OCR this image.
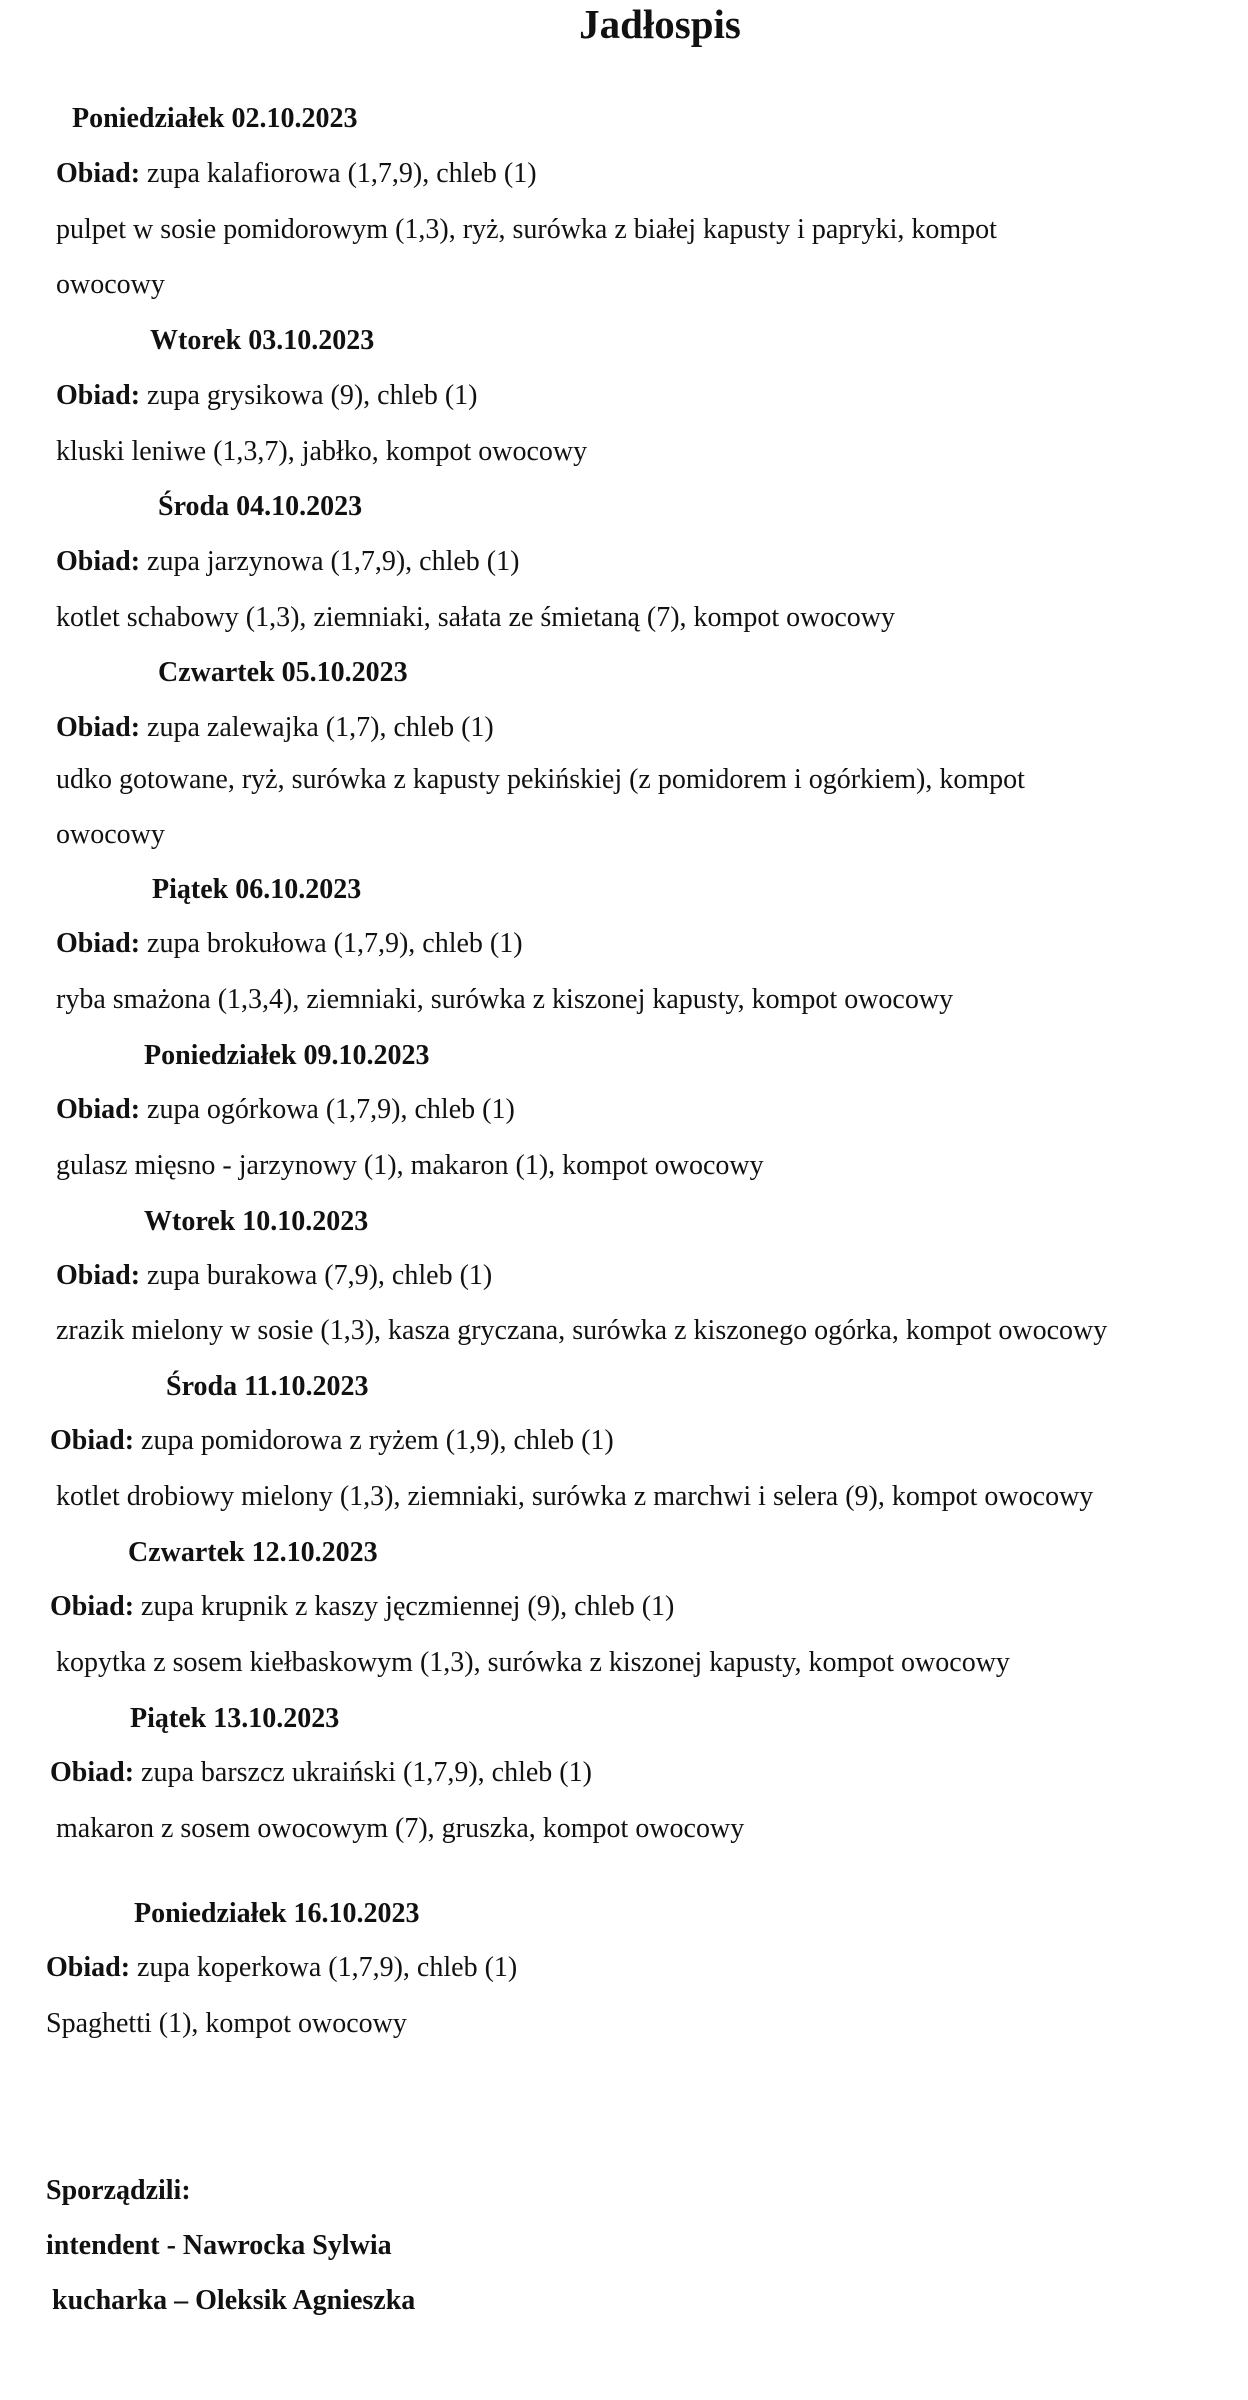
Jadłospis
Poniedziałek 02.10.2023
Obiad: zupa kalafiorowa (1,7,9), chleb (1)
pulpet w sosie pomidorowym (1,3), ryż, surówka z białej kapusty i papryki, kompot
owocowy
Wtorek 03.10.2023
Obiad: zupa grysikowa (9), chleb (1)
kluski leniwe (1,3,7), jabłko, kompot owocowy
Środa 04.10.2023
Obiad: zupa jarzynowa (1,7,9), chleb (1)
kotlet schabowy (1,3), ziemniaki, sałata ze śmietaną (7), kompot owocowy
Czwartek 05.10.2023
Obiad: zupa zalewajka (1,7), chleb (1)
udko gotowane, ryż, surówka z kapusty pekińskiej (z pomidorem i ogórkiem), kompot
owocowy
Piątek 06.10.2023
Obiad: zupa brokułowa (1,7,9), chleb (1)
ryba smażona (1,3,4), ziemniaki, surówka z kiszonej kapusty, kompot owocowy
Poniedziałek 09.10.2023
Obiad: zupa ogórkowa (1,7,9), chleb (1)
gulasz mięsno - jarzynowy (1), makaron (1), kompot owocowy
Wtorek 10.10.2023
Obiad: zupa burakowa (7,9), chleb (1)
zrazik mielony w sosie (1,3), kasza gryczana, surówka z kiszonego ogórka, kompot owocowy
Środa 11.10.2023
Obiad: zupa pomidorowa z ryżem (1,9), chleb (1)
kotlet drobiowy mielony (1,3), ziemniaki, surówka z marchwi i selera (9), kompot owocowy
Czwartek 12.10.2023
Obiad: zupa krupnik z kaszy jęczmiennej (9), chleb (1)
kopytka z sosem kiełbaskowym (1,3), surówka z kiszonej kapusty, kompot owocowy
Piątek 13.10.2023
Obiad: zupa barszcz ukraiński (1,7,9), chleb (1)
makaron z sosem owocowym (7), gruszka, kompot owocowy
Poniedziałek 16.10.2023
Obiad: zupa koperkowa (1,7,9), chleb (1)
Spaghetti (1), kompot owocowy
Sporządzili:
intendent - Nawrocka Sylwia
kucharka – Oleksik Agnieszka
